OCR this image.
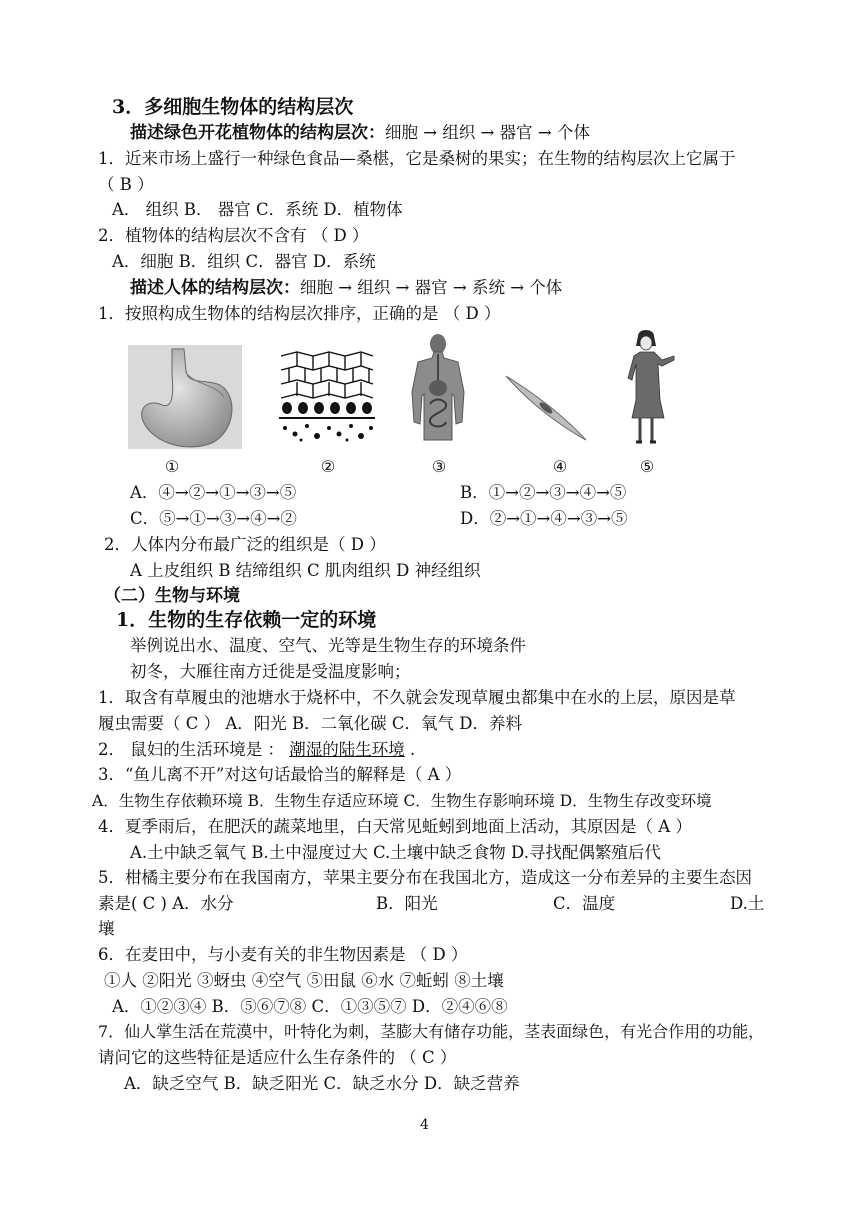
3．多细胞生物体的结构层次
描述绿色开花植物体的结构层次：细胞 → 组织 → 器官 → 个体
1．近来市场上盛行一种绿色食品—桑椹，它是桑树的果实；在生物的结构层次上它属于
（ B ）
A． 组织 B． 器官 C．系统 D．植物体
2．植物体的结构层次不含有 （ D ）
A．细胞 B．组织 C．器官 D．系统
描述人体的结构层次：细胞 → 组织 → 器官 → 系统 → 个体
1．按照构成生物体的结构层次排序，正确的是 （ D ）
①	②	③	④	⑤
A．④→②→①→③→⑤	B．①→②→③→④→⑤
C．⑤→①→③→④→②	D．②→①→④→③→⑤
2．人体内分布最广泛的组织是（ D ）
A 上皮组织 B 结缔组织 C 肌肉组织 D 神经组织
（二）生物与环境
1．生物的生存依赖一定的环境
举例说出水、温度、空气、光等是生物生存的环境条件
初冬，大雁往南方迁徙是受温度影响；
1．取含有草履虫的池塘水于烧杯中，不久就会发现草履虫都集中在水的上层，原因是草
履虫需要（ C ） A．阳光 B．二氧化碳 C．氧气 D．养料
2． 鼠妇的生活环境是 ： 潮湿的陆生环境 .
3．“鱼儿离不开”对这句话最恰当的解释是（ A ）
A．生物生存依赖环境 B．生物生存适应环境 C．生物生存影响环境 D．生物生存改变环境
4．夏季雨后，在肥沃的蔬菜地里，白天常见蚯蚓到地面上活动，其原因是（ A ）
A.土中缺乏氧气 B.土中湿度过大 C.土壤中缺乏食物 D.寻找配偶繁殖后代
5．柑橘主要分布在我国南方，苹果主要分布在我国北方，造成这一分布差异的主要生态因
素是( C ) A．水分	B．阳光	C．温度	D.土
壤
6．在麦田中，与小麦有关的非生物因素是 （ D ）
①人 ②阳光 ③蚜虫 ④空气 ⑤田鼠 ⑥水 ⑦蚯蚓 ⑧土壤
A．①②③④ B．⑤⑥⑦⑧ C．①③⑤⑦ D．②④⑥⑧
7．仙人掌生活在荒漠中，叶特化为刺，茎膨大有储存功能，茎表面绿色，有光合作用的功能，
请问它的这些特征是适应什么生存条件的 （ C ）
A．缺乏空气 B．缺乏阳光 C．缺乏水分 D．缺乏营养
4
